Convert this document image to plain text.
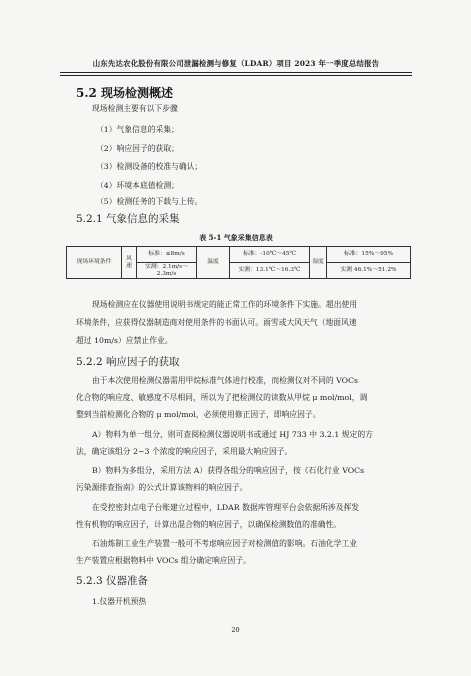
山东先达农化股份有限公司泄漏检测与修复（LDAR）项目 2023 年一季度总结报告
5.2 现场检测概述
现场检测主要有以下步骤
（1）气象信息的采集；
（2）响应因子的获取；
（3）检测设备的校准与确认；
（4）环境本底值检测；
（5）检测任务的下载与上传。
5.2.1 气象信息的采集
表 5-1 气象采集信息表
现场环境条件	风速	标准：≤8m/s	温度	标准：-10℃～45℃	湿度	标准：15%～95%
		实测：2.1m/s～2.3m/s		实测：13.1℃～16.3℃		实测 46.1%～51.2%
现场检测应在仪器使用说明书规定的能正常工作的环境条件下实施。超出使用
环境条件，应获得仪器制造商对使用条件的书面认可。雨雪或大风天气（地面风速
超过 10m/s）应禁止作业。
5.2.2 响应因子的获取
由于本次使用检测仪器需用甲烷标准气体进行校准，而检测仪对不同的 VOCs
化合物的响应度、敏感度不尽相同，所以为了把检测仪的读数从甲烷 μ mol/mol，调
整到当前检测化合物的 μ mol/mol，必须使用修正因子，即响应因子。
A）物料为单一组分，则可查阅检测仪器说明书或通过 HJ 733 中 3.2.1 规定的方
法，确定该组分 2~3 个浓度的响应因子，采用最大响应因子。
B）物料为多组分，采用方法 A）获得各组分的响应因子，按《石化行业 VOCs
污染源排查指南》的公式计算该物料的响应因子。
在受控密封点电子台账建立过程中，LDAR 数据库管理平台会依据所涉及挥发
性有机物的响应因子，计算出混合物的响应因子，以确保检测数值的准确性。
石油炼制工业生产装置一般可不考虑响应因子对检测值的影响。石油化学工业
生产装置应根据物料中 VOCs 组分确定响应因子。
5.2.3 仪器准备
1.仪器开机预热
20
